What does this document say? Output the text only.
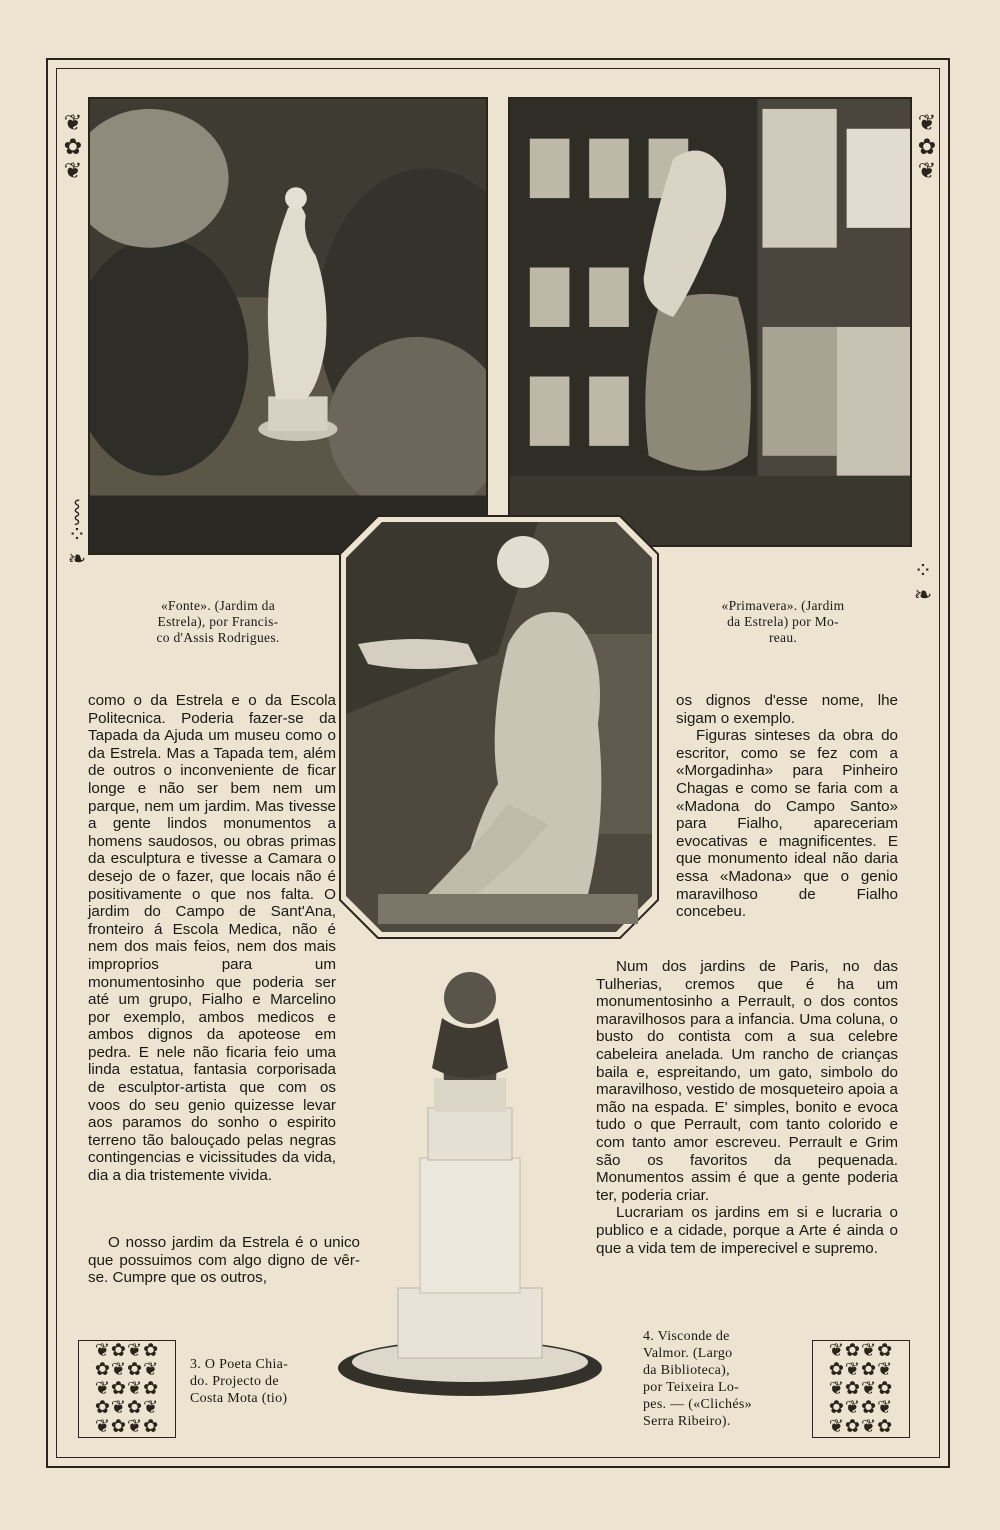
❦
✿
❦
❦
✿
❦
⸾
⁘
❧	⁘
❧
«Fonte». (Jardim da
Estrela), por Francis-
co d'Assis Rodrigues.
«Primavera». (Jardim
da Estrela) por Mo-
reau.
3. O Poeta Chia-
do. Projecto de
Costa Mota (tio)
4. Visconde de
Valmor. (Largo
da Biblioteca),
por Teixeira Lo-
pes. — («Clichés»
Serra Ribeiro).
❦✿❦✿
✿❦✿❦
❦✿❦✿
✿❦✿❦
❦✿❦✿
❦✿❦✿
✿❦✿❦
❦✿❦✿
✿❦✿❦
❦✿❦✿

como o da Estrela e o da Escola Politecnica. Poderia fazer-se da Tapada da Ajuda um museu como o da Estrela. Mas a Tapada tem, além de outros o inconveniente de ficar longe e não ser bem nem um parque, nem um jardim. Mas tivesse a gente lindos monumentos a homens saudosos, ou obras primas da esculptura e tivesse a Camara o desejo de o fazer, que locais não é positivamente o que nos falta. O jardim do Campo de Sant'Ana, fronteiro á Escola Medica, não é nem dos mais feios, nem dos mais improprios para um monumentosinho que poderia ser até um grupo, Fialho e Marcelino por exemplo, ambos medicos e ambos dignos da apoteose em pedra. E nele não ficaria feio uma linda estatua, fantasia corporisada de esculptor-artista que com os voos do seu genio quizesse levar aos paramos do sonho o espirito terreno tão balouçado pelas negras contingencias e vicissitudes da vida, dia a dia tristemente vivida.

O nosso jardim da Estrela é o unico que possuimos com algo digno de vêr-se. Cumpre que os outros,

os dignos d'esse nome, lhe sigam o exemplo.

Figuras sinteses da obra do escritor, como se fez com a «Morgadinha» para Pinheiro Chagas e como se faria com a «Madona do Campo Santo» para Fialho, apareceriam evocativas e magnificentes. E que monumento ideal não daria essa «Madona» que o genio maravilhoso de Fialho concebeu.

Num dos jardins de Paris, no das Tulherias, cremos que é ha um monumentosinho a Perrault, o dos contos maravilhosos para a infancia. Uma coluna, o busto do contista com a sua celebre cabeleira anelada. Um rancho de crianças baila e, espreitando, um gato, simbolo do maravilhoso, vestido de mosqueteiro apoia a mão na espada. E' simples, bonito e evoca tudo o que Perrault, com tanto colorido e com tanto amor escreveu. Perrault e Grim são os favoritos da pequenada. Monumentos assim é que a gente poderia ter, poderia criar.

Lucrariam os jardins em si e lucraria o publico e a cidade, porque a Arte é ainda o que a vida tem de imperecivel e supremo.
